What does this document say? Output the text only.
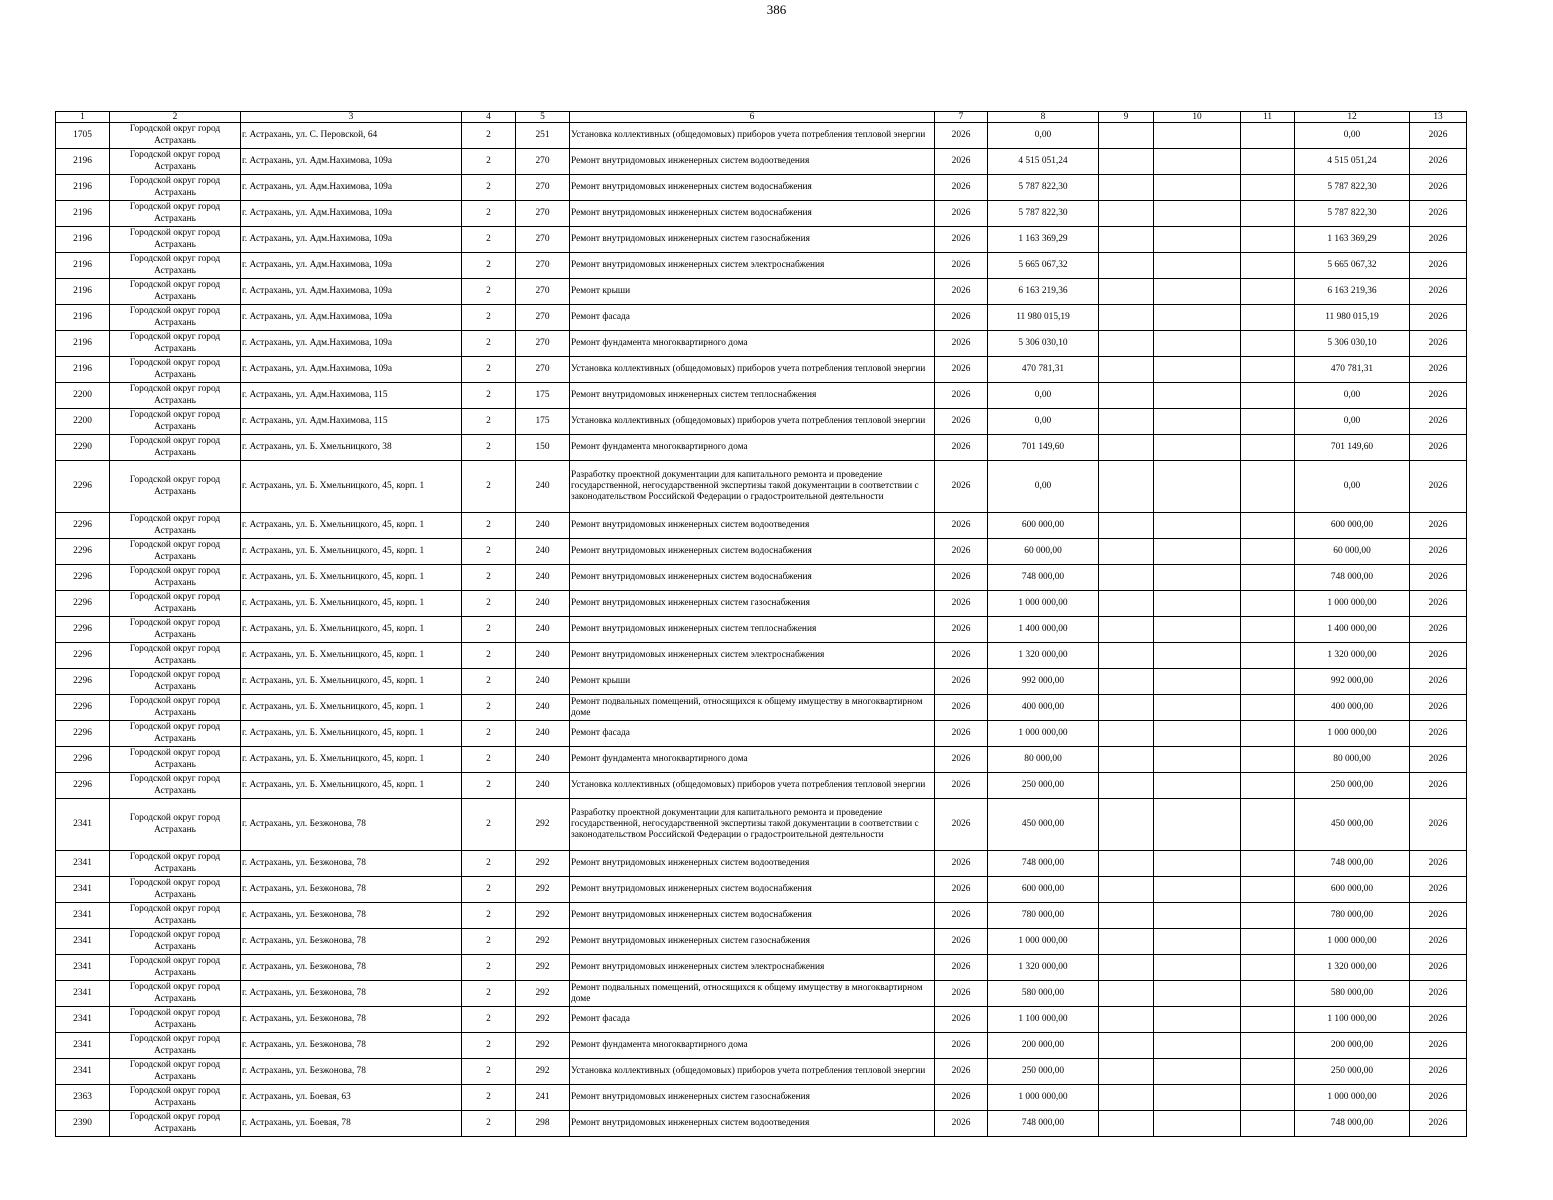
386
1	2	3	4	5	6	7	8	9	10	11	12	13
1705	Городской округ город Астрахань	г. Астрахань, ул. С. Перовской, 64	2	251	Установка коллективных (общедомовых) приборов учета потребления тепловой энергии	2026	0,00				0,00	2026
2196	Городской округ город Астрахань	г. Астрахань, ул. Адм.Нахимова, 109а	2	270	Ремонт внутридомовых инженерных систем водоотведения	2026	4 515 051,24				4 515 051,24	2026
2196	Городской округ город Астрахань	г. Астрахань, ул. Адм.Нахимова, 109а	2	270	Ремонт внутридомовых инженерных систем водоснабжения	2026	5 787 822,30				5 787 822,30	2026
2196	Городской округ город Астрахань	г. Астрахань, ул. Адм.Нахимова, 109а	2	270	Ремонт внутридомовых инженерных систем водоснабжения	2026	5 787 822,30				5 787 822,30	2026
2196	Городской округ город Астрахань	г. Астрахань, ул. Адм.Нахимова, 109а	2	270	Ремонт внутридомовых инженерных систем газоснабжения	2026	1 163 369,29				1 163 369,29	2026
2196	Городской округ город Астрахань	г. Астрахань, ул. Адм.Нахимова, 109а	2	270	Ремонт внутридомовых инженерных систем электроснабжения	2026	5 665 067,32				5 665 067,32	2026
2196	Городской округ город Астрахань	г. Астрахань, ул. Адм.Нахимова, 109а	2	270	Ремонт крыши	2026	6 163 219,36				6 163 219,36	2026
2196	Городской округ город Астрахань	г. Астрахань, ул. Адм.Нахимова, 109а	2	270	Ремонт фасада	2026	11 980 015,19				11 980 015,19	2026
2196	Городской округ город Астрахань	г. Астрахань, ул. Адм.Нахимова, 109а	2	270	Ремонт фундамента многоквартирного дома	2026	5 306 030,10				5 306 030,10	2026
2196	Городской округ город Астрахань	г. Астрахань, ул. Адм.Нахимова, 109а	2	270	Установка коллективных (общедомовых) приборов учета потребления тепловой энергии	2026	470 781,31				470 781,31	2026
2200	Городской округ город Астрахань	г. Астрахань, ул. Адм.Нахимова, 115	2	175	Ремонт внутридомовых инженерных систем теплоснабжения	2026	0,00				0,00	2026
2200	Городской округ город Астрахань	г. Астрахань, ул. Адм.Нахимова, 115	2	175	Установка коллективных (общедомовых) приборов учета потребления тепловой энергии	2026	0,00				0,00	2026
2290	Городской округ город Астрахань	г. Астрахань, ул. Б. Хмельницкого, 38	2	150	Ремонт фундамента многоквартирного дома	2026	701 149,60				701 149,60	2026
2296	Городской округ город Астрахань	г. Астрахань, ул. Б. Хмельницкого, 45, корп. 1	2	240	Разработку проектной документации для капитального ремонта и проведение государственной, негосударственной экспертизы такой документации в соответствии с законодательством Российской Федерации о градостроительной деятельности	2026	0,00				0,00	2026
2296	Городской округ город Астрахань	г. Астрахань, ул. Б. Хмельницкого, 45, корп. 1	2	240	Ремонт внутридомовых инженерных систем водоотведения	2026	600 000,00				600 000,00	2026
2296	Городской округ город Астрахань	г. Астрахань, ул. Б. Хмельницкого, 45, корп. 1	2	240	Ремонт внутридомовых инженерных систем водоснабжения	2026	60 000,00				60 000,00	2026
2296	Городской округ город Астрахань	г. Астрахань, ул. Б. Хмельницкого, 45, корп. 1	2	240	Ремонт внутридомовых инженерных систем водоснабжения	2026	748 000,00				748 000,00	2026
2296	Городской округ город Астрахань	г. Астрахань, ул. Б. Хмельницкого, 45, корп. 1	2	240	Ремонт внутридомовых инженерных систем газоснабжения	2026	1 000 000,00				1 000 000,00	2026
2296	Городской округ город Астрахань	г. Астрахань, ул. Б. Хмельницкого, 45, корп. 1	2	240	Ремонт внутридомовых инженерных систем теплоснабжения	2026	1 400 000,00				1 400 000,00	2026
2296	Городской округ город Астрахань	г. Астрахань, ул. Б. Хмельницкого, 45, корп. 1	2	240	Ремонт внутридомовых инженерных систем электроснабжения	2026	1 320 000,00				1 320 000,00	2026
2296	Городской округ город Астрахань	г. Астрахань, ул. Б. Хмельницкого, 45, корп. 1	2	240	Ремонт крыши	2026	992 000,00				992 000,00	2026
2296	Городской округ город Астрахань	г. Астрахань, ул. Б. Хмельницкого, 45, корп. 1	2	240	Ремонт подвальных помещений, относящихся к общему имуществу в многоквартирном доме	2026	400 000,00				400 000,00	2026
2296	Городской округ город Астрахань	г. Астрахань, ул. Б. Хмельницкого, 45, корп. 1	2	240	Ремонт фасада	2026	1 000 000,00				1 000 000,00	2026
2296	Городской округ город Астрахань	г. Астрахань, ул. Б. Хмельницкого, 45, корп. 1	2	240	Ремонт фундамента многоквартирного дома	2026	80 000,00				80 000,00	2026
2296	Городской округ город Астрахань	г. Астрахань, ул. Б. Хмельницкого, 45, корп. 1	2	240	Установка коллективных (общедомовых) приборов учета потребления тепловой энергии	2026	250 000,00				250 000,00	2026
2341	Городской округ город Астрахань	г. Астрахань, ул. Безжонова, 78	2	292	Разработку проектной документации для капитального ремонта и проведение государственной, негосударственной экспертизы такой документации в соответствии с законодательством Российской Федерации о градостроительной деятельности	2026	450 000,00				450 000,00	2026
2341	Городской округ город Астрахань	г. Астрахань, ул. Безжонова, 78	2	292	Ремонт внутридомовых инженерных систем водоотведения	2026	748 000,00				748 000,00	2026
2341	Городской округ город Астрахань	г. Астрахань, ул. Безжонова, 78	2	292	Ремонт внутридомовых инженерных систем водоснабжения	2026	600 000,00				600 000,00	2026
2341	Городской округ город Астрахань	г. Астрахань, ул. Безжонова, 78	2	292	Ремонт внутридомовых инженерных систем водоснабжения	2026	780 000,00				780 000,00	2026
2341	Городской округ город Астрахань	г. Астрахань, ул. Безжонова, 78	2	292	Ремонт внутридомовых инженерных систем газоснабжения	2026	1 000 000,00				1 000 000,00	2026
2341	Городской округ город Астрахань	г. Астрахань, ул. Безжонова, 78	2	292	Ремонт внутридомовых инженерных систем электроснабжения	2026	1 320 000,00				1 320 000,00	2026
2341	Городской округ город Астрахань	г. Астрахань, ул. Безжонова, 78	2	292	Ремонт подвальных помещений, относящихся к общему имуществу в многоквартирном доме	2026	580 000,00				580 000,00	2026
2341	Городской округ город Астрахань	г. Астрахань, ул. Безжонова, 78	2	292	Ремонт фасада	2026	1 100 000,00				1 100 000,00	2026
2341	Городской округ город Астрахань	г. Астрахань, ул. Безжонова, 78	2	292	Ремонт фундамента многоквартирного дома	2026	200 000,00				200 000,00	2026
2341	Городской округ город Астрахань	г. Астрахань, ул. Безжонова, 78	2	292	Установка коллективных (общедомовых) приборов учета потребления тепловой энергии	2026	250 000,00				250 000,00	2026
2363	Городской округ город Астрахань	г. Астрахань, ул. Боевая, 63	2	241	Ремонт внутридомовых инженерных систем газоснабжения	2026	1 000 000,00				1 000 000,00	2026
2390	Городской округ город Астрахань	г. Астрахань, ул. Боевая, 78	2	298	Ремонт внутридомовых инженерных систем водоотведения	2026	748 000,00				748 000,00	2026
